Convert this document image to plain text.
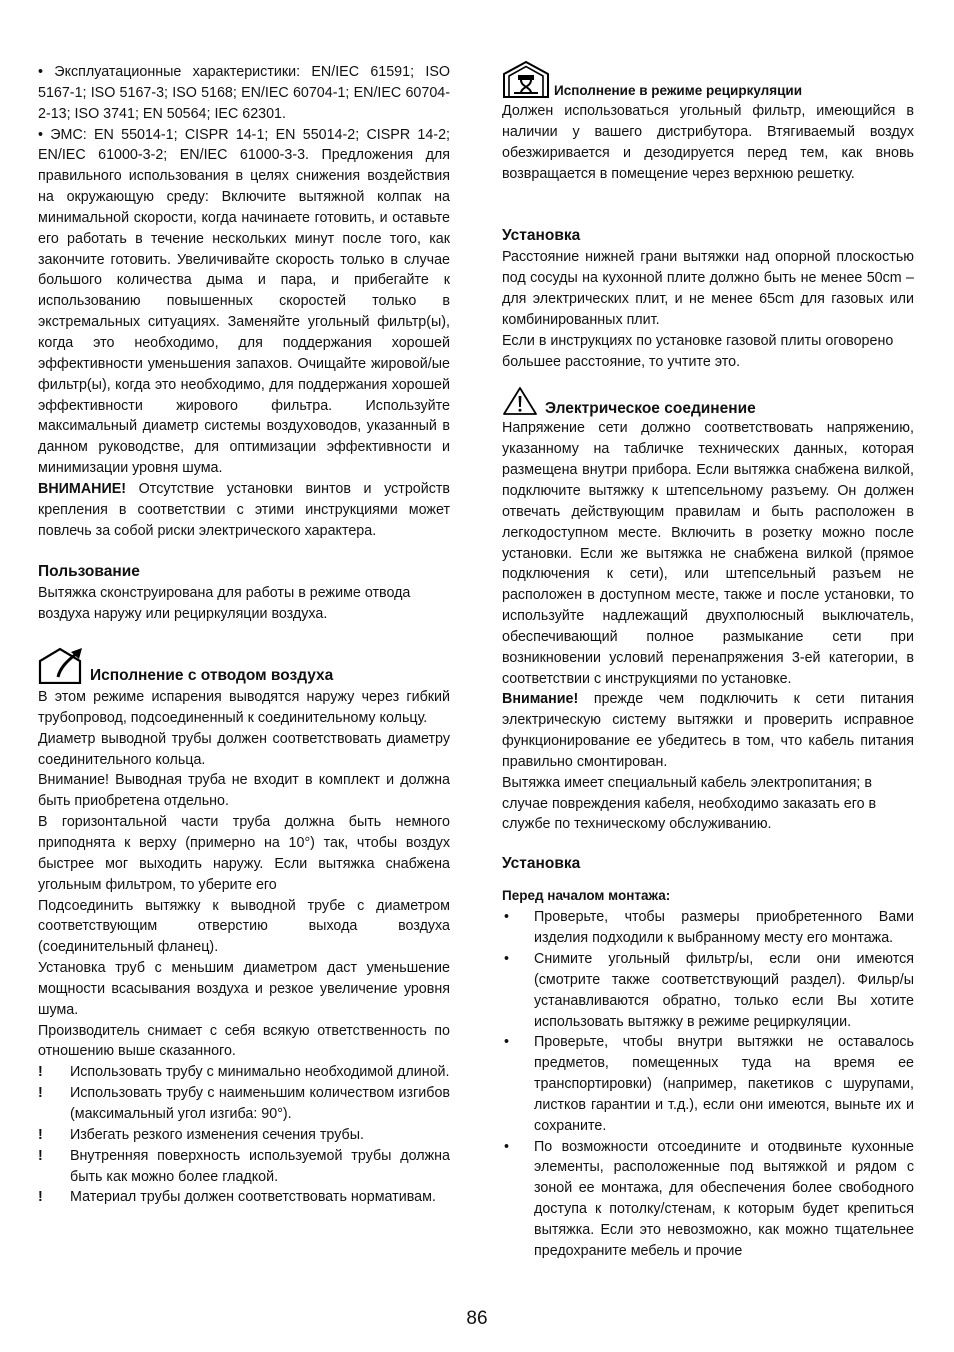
• Эксплуатационные характеристики: EN/IEC 61591; ISO 5167-1; ISO 5167-3; ISO 5168; EN/IEC 60704-1; EN/IEC 60704-2-13; ISO 3741; EN 50564; IEC 62301.

• ЭМС: EN 55014-1; CISPR 14-1; EN 55014-2; CISPR 14-2; EN/IEC 61000-3-2; EN/IEC 61000-3-3. Предложения для правильного использования в целях снижения воздействия на окружающую среду: Включите вытяжной колпак на минимальной скорости, когда начинаете готовить, и оставьте его работать в течение нескольких минут после того, как закончите готовить. Увеличивайте скорость только в случае большого количества дыма и пара, и прибегайте к использованию повышенных скоростей только в экстремальных ситуациях. Заменяйте угольный фильтр(ы), когда это необходимо, для поддержания хорошей эффективности уменьшения запахов. Очищайте жировой/ые фильтр(ы), когда это необходимо, для поддержания хорошей эффективности жирового фильтра. Используйте максимальный диаметр системы воздуховодов, указанный в данном руководстве, для оптимизации эффективности и минимизации уровня шума.

ВНИМАНИЕ! Отсутствие установки винтов и устройств крепления в соответствии с этими инструкциями может повлечь за собой риски электрического характера.

Пользование

Вытяжка сконструирована для работы в режиме отвода воздуха наружу или рециркуляции воздуха.

Исполнение с отводом воздуха

В этом режиме испарения выводятся наружу через гибкий трубопровод, подсоединенный к соединительному кольцу.

Диаметр выводной трубы должен соответствовать диаметру соединительного кольца.

Внимание! Выводная труба не входит в комплект и должна быть приобретена отдельно.

В горизонтальной части труба должна быть немного приподнята к верху (примерно на 10°) так, чтобы воздух быстрее мог выходить наружу. Если вытяжка снабжена угольным фильтром, то уберите его

Подсоединить вытяжку к выводной трубе с диаметром соответствующим отверстию выхода воздуха (соединительный фланец).

Установка труб с меньшим диаметром даст уменьшение мощности всасывания воздуха и резкое увеличение уровня шума.

Производитель снимает с себя всякую ответственность по отношению выше сказанного.

! Использовать трубу с минимально необходимой длиной.
! Использовать трубу с наименьшим количеством изгибов (максимальный угол изгиба: 90°).
! Избегать резкого изменения сечения трубы.
! Внутренняя поверхность используемой трубы должна быть как можно более гладкой.
! Материал трубы должен соответствовать нормативам.
Исполнение в режиме рециркуляции

Должен использоваться угольный фильтр, имеющийся в наличии у вашего дистрибутора. Втягиваемый воздух обезжиривается и дезодируется перед тем, как вновь возвращается в помещение через верхнюю решетку.

Установка

Расстояние нижней грани вытяжки над опорной плоскостью под сосуды на кухонной плите должно быть не менее 50cm – для электрических плит, и не менее 65cm для газовых или комбинированных плит.

Если в инструкциях по установке газовой плиты оговорено большее расстояние, то учтите это.

Электрическое соединение

Напряжение сети должно соответствовать напряжению, указанному на табличке технических данных, которая размещена внутри прибора. Если вытяжка снабжена вилкой, подключите вытяжку к штепсельному разъему. Он должен отвечать действующим правилам и быть расположен в легкодоступном месте. Включить в розетку можно после установки. Если же вытяжка не снабжена вилкой (прямое подключения к сети), или штепсельный разъем не расположен в доступном месте, также и после установки, то используйте надлежащий двухполюсный выключатель, обеспечивающий полное размыкание сети при возникновении условий перенапряжения 3-ей категории, в соответствии с инструкциями по установке.

Внимание! прежде чем подключить к сети питания электрическую систему вытяжки и проверить исправное функционирование ее убедитесь в том, что кабель питания правильно смонтирован.

Вытяжка имеет специальный кабель электропитания; в случае повреждения кабеля, необходимо заказать его в службе по техническому обслуживанию.

Установка
Перед началом монтажа:
• Проверьте, чтобы размеры приобретенного Вами изделия подходили к выбранному месту его монтажа.
• Снимите угольный фильтр/ы, если они имеются (смотрите также соответствующий раздел). Фильр/ы устанавливаются обратно, только если Вы хотите использовать вытяжку в режиме рециркуляции.
• Проверьте, чтобы внутри вытяжки не оставалось предметов, помещенных туда на время ее транспортировки) (например, пакетиков с шурупами, листков гарантии и т.д.), если они имеются, выньте их и сохраните.
• По возможности отсоедините и отодвиньте кухонные элементы, расположенные под вытяжкой и рядом с зоной ее монтажа, для обеспечения более свободного доступа к потолку/стенам, к которым будет крепиться вытяжка. Если это невозможно, как можно тщательнее предохраните мебель и прочие
86
